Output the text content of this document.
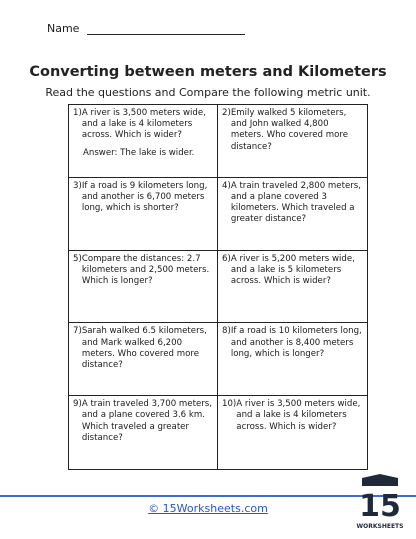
Name
Converting between meters and Kilometers
Read the questions and Compare the following metric unit.
1) A river is 3,500 meters wide, and a lake is 4 kilometers across. Which is wider?
Answer: The lake is wider.
2) Emily walked 5 kilometers, and John walked 4,800 meters. Who covered more distance?
3) If a road is 9 kilometers long, and another is 6,700 meters long, which is shorter?
4) A train traveled 2,800 meters, and a plane covered 3 kilometers. Which traveled a greater distance?
5) Compare the distances: 2.7 kilometers and 2,500 meters. Which is longer?
6) A river is 5,200 meters wide, and a lake is 5 kilometers across. Which is wider?
7) Sarah walked 6.5 kilometers, and Mark walked 6,200 meters. Who covered more distance?
8) If a road is 10 kilometers long, and another is 8,400 meters long, which is longer?
9) A train traveled 3,700 meters, and a plane covered 3.6 km. Which traveled a greater distance?
10) A river is 3,500 meters wide, and a lake is 4 kilometers across. Which is wider?
© 15Worksheets.com	15
WORKSHEETS
